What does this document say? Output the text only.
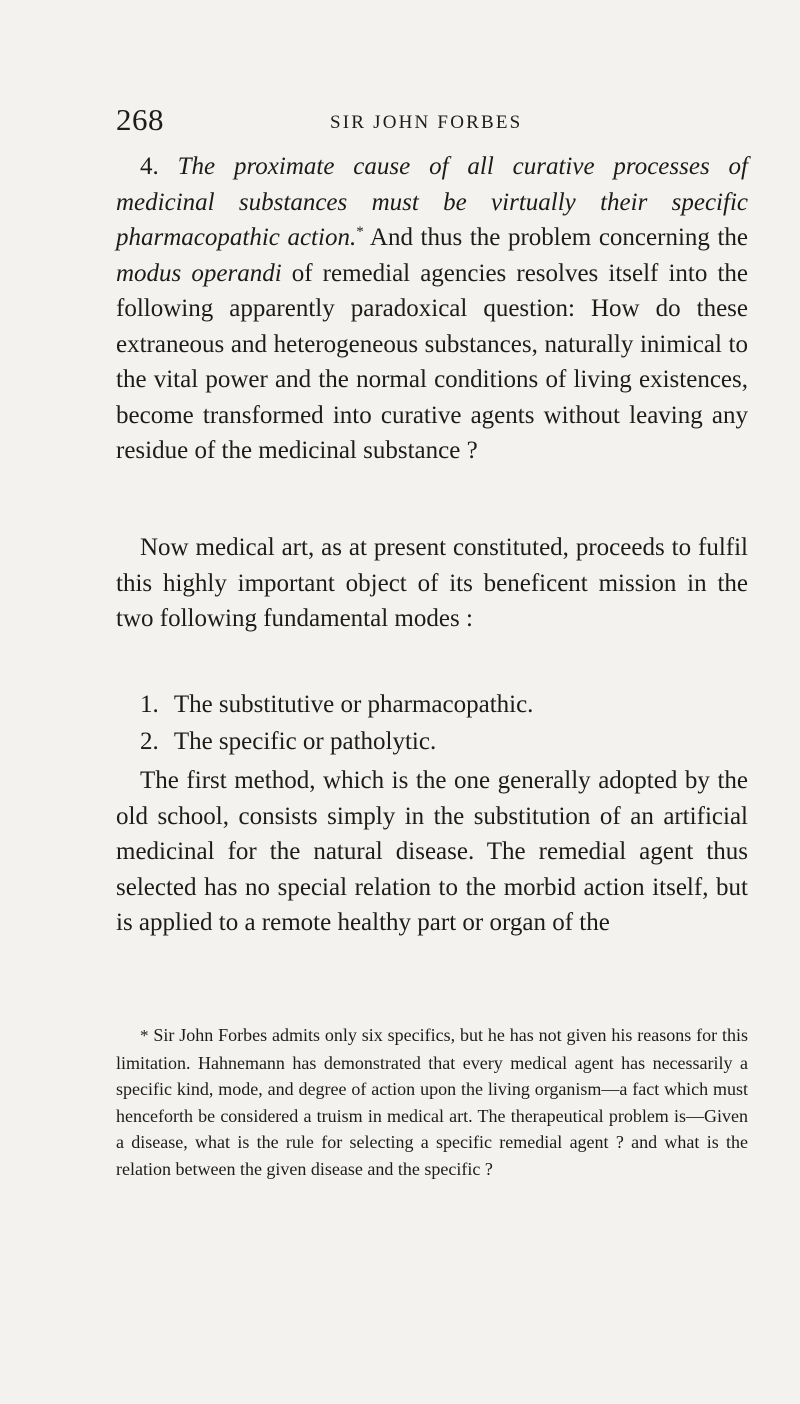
268	SIR JOHN FORBES

4. The proximate cause of all curative processes of medicinal substances must be virtually their specific pharmacopathic action.* And thus the problem concerning the modus operandi of remedial agencies resolves itself into the following apparently paradoxical question: How do these extraneous and heterogeneous substances, naturally inimical to the vital power and the normal conditions of living existences, become transformed into curative agents without leaving any residue of the medicinal substance ?

Now medical art, as at present constituted, proceeds to fulfil this highly important object of its beneficent mission in the two following fundamental modes :

1. The substitutive or pharmacopathic.
2. The specific or patholytic.

The first method, which is the one generally adopted by the old school, consists simply in the substitution of an artificial medicinal for the natural disease. The remedial agent thus selected has no special relation to the morbid action itself, but is applied to a remote healthy part or organ of the

* Sir John Forbes admits only six specifics, but he has not given his reasons for this limitation. Hahnemann has demonstrated that every medical agent has necessarily a specific kind, mode, and degree of action upon the living organism—a fact which must henceforth be considered a truism in medical art. The therapeutical problem is—Given a disease, what is the rule for selecting a specific remedial agent ? and what is the relation between the given disease and the specific ?
